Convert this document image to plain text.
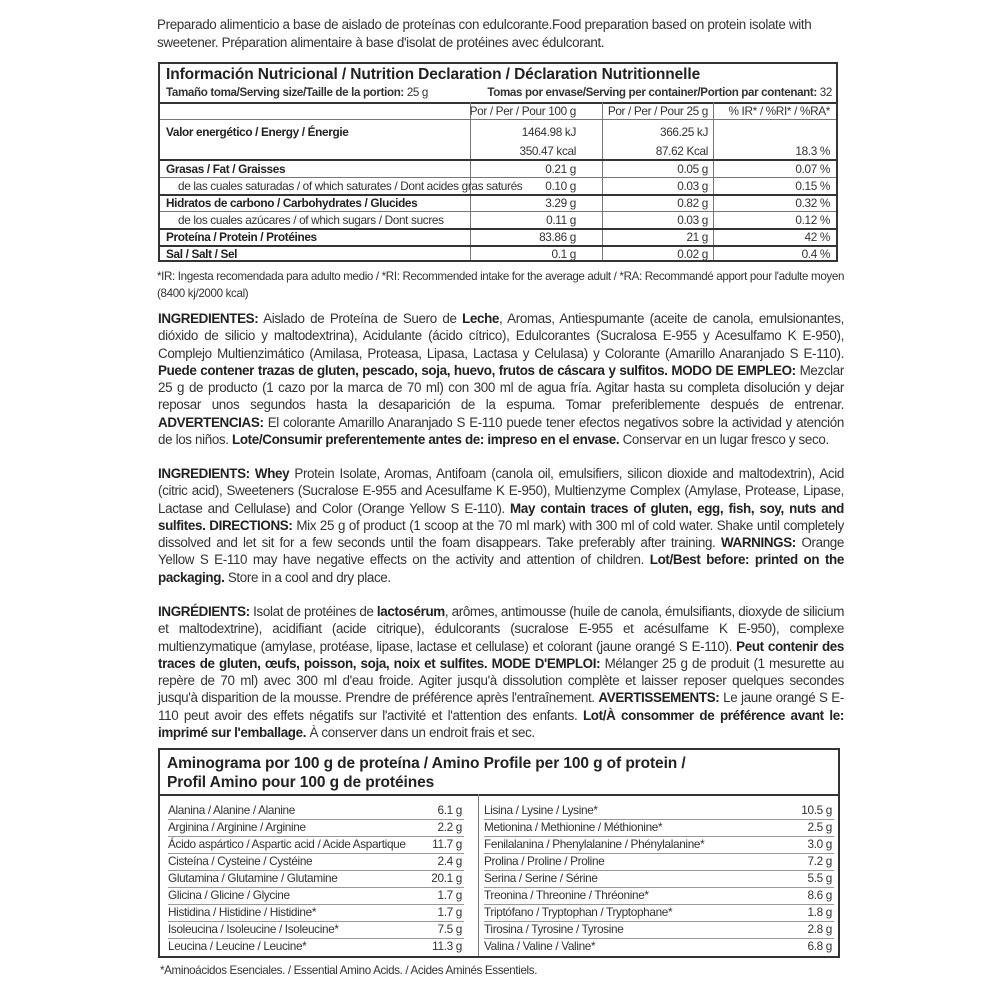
Preparado alimenticio a base de aislado de proteínas con edulcorante.Food preparation based on protein isolate with sweetener. Préparation alimentaire à base d'isolat de protéines avec édulcorant.

Información Nutricional / Nutrition Declaration / Déclaration Nutritionnelle
Tamaño toma/Serving size/Taille de la portion: 25 g	Tomas por envase/Serving per container/Portion par contenant: 32
Por / Per / Pour 100 g	Por / Per / Pour 25 g % IR* / %RI* / %RA*
Valor energético / Energy / Énergie	1464.98 kJ	366.25 kJ
350.47 kcal	87.62 Kcal	18.3 %
Grasas / Fat / Graisses	0.21 g	0.05 g	0.07 %
de las cuales saturadas / of which saturates / Dont acides gras saturés 0.10 g	0.03 g	0.15 %
Hidratos de carbono / Carbohydrates / Glucides	3.29 g	0.82 g	0.32 %
de los cuales azúcares / of which sugars / Dont sucres	0.11 g	0.03 g	0.12 %
Proteína / Protein / Protéines	83.86 g	21 g	42 %
Sal / Salt / Sel	0.1 g	0.02 g	0.4 %

*IR: Ingesta recomendada para adulto medio / *RI: Recommended intake for the average adult / *RA: Recommandé apport pour l'adulte moyen (8400 kj/2000 kcal)

INGREDIENTES: Aislado de Proteína de Suero de Leche, Aromas, Antiespumante (aceite de canola, emulsionantes, dióxido de silicio y maltodextrina), Acidulante (ácido cítrico), Edulcorantes (Sucralosa E-955 y Acesulfamo K E-950), Complejo Multienzimático (Amilasa, Proteasa, Lipasa, Lactasa y Celulasa) y Colorante (Amarillo Anaranjado S E-110). Puede contener trazas de gluten, pescado, soja, huevo, frutos de cáscara y sulfitos. MODO DE EMPLEO: Mezclar 25 g de producto (1 cazo por la marca de 70 ml) con 300 ml de agua fría. Agitar hasta su completa disolución y dejar reposar unos segundos hasta la desaparición de la espuma. Tomar preferiblemente después de entrenar. ADVERTENCIAS: El colorante Amarillo Anaranjado S E-110 puede tener efectos negativos sobre la actividad y atención de los niños. Lote/Consumir preferentemente antes de: impreso en el envase. Conservar en un lugar fresco y seco.

INGREDIENTS: Whey Protein Isolate, Aromas, Antifoam (canola oil, emulsifiers, silicon dioxide and maltodextrin), Acid (citric acid), Sweeteners (Sucralose E-955 and Acesulfame K E-950), Multienzyme Complex (Amylase, Protease, Lipase, Lactase and Cellulase) and Color (Orange Yellow S E-110). May contain traces of gluten, egg, fish, soy, nuts and sulfites. DIRECTIONS: Mix 25 g of product (1 scoop at the 70 ml mark) with 300 ml of cold water. Shake until completely dissolved and let sit for a few seconds until the foam disappears. Take preferably after training. WARNINGS: Orange Yellow S E-110 may have negative effects on the activity and attention of children. Lot/Best before: printed on the packaging. Store in a cool and dry place.

INGRÉDIENTS: Isolat de protéines de lactosérum, arômes, antimousse (huile de canola, émulsifiants, dioxyde de silicium et maltodextrine), acidifiant (acide citrique), édulcorants (sucralose E-955 et acésulfame K E-950), complexe multienzymatique (amylase, protéase, lipase, lactase et cellulase) et colorant (jaune orangé S E-110). Peut contenir des traces de gluten, œufs, poisson, soja, noix et sulfites. MODE D'EMPLOI: Mélanger 25 g de produit (1 mesurette au repère de 70 ml) avec 300 ml d'eau froide. Agiter jusqu'à dissolution complète et laisser reposer quelques secondes jusqu'à disparition de la mousse. Prendre de préférence après l'entraînement. AVERTISSEMENTS: Le jaune orangé S E-110 peut avoir des effets négatifs sur l'activité et l'attention des enfants. Lot/À consommer de préférence avant le: imprimé sur l'emballage. À conserver dans un endroit frais et sec.

Aminograma por 100 g de proteína / Amino Profile per 100 g of protein /
Profil Amino pour 100 g de protéines
Alanina / Alanine / Alanine	6.1 g
Arginina / Arginine / Arginine	2.2 g
Ácido aspártico / Aspartic acid / Acide Aspartique 11.7 g
Cisteína / Cysteine / Cystéine	2.4 g
Glutamina / Glutamine / Glutamine	20.1 g
Glicina / Glicine / Glycine	1.7 g
Histidina / Histidine / Histidine*	1.7 g
Isoleucina / Isoleucine / Isoleucine*	7.5 g
Leucina / Leucine / Leucine*	11.3 g
Lisina / Lysine / Lysine*	10.5 g
Metionina / Methionine / Méthionine*	2.5 g
Fenilalanina / Phenylalanine / Phénylalanine*	3.0 g
Prolina / Proline / Proline	7.2 g
Serina / Serine / Sérine	5.5 g
Treonina / Threonine / Thréonine*	8.6 g
Triptófano / Tryptophan / Tryptophane*	1.8 g
Tirosina / Tyrosine / Tyrosine	2.8 g
Valina / Valine / Valine*	6.8 g

*Aminoácidos Esenciales. / Essential Amino Acids. / Acides Aminés Essentiels.
